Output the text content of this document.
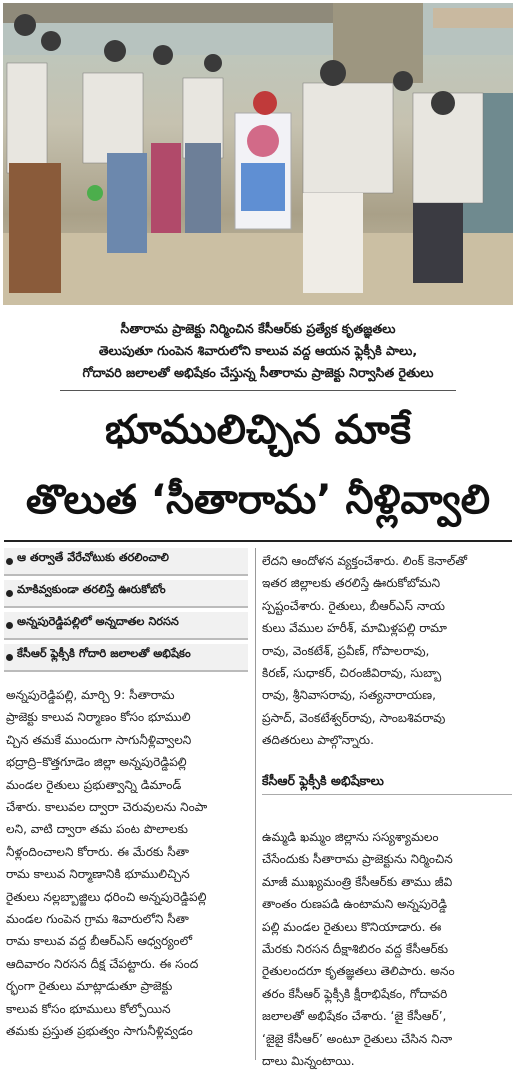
సీతారామ ప్రాజెక్టు నిర్మించిన కేసీఆర్‌కు ప్రత్యేక కృతజ్ఞతలు
తెలుపుతూ గుంపెన శివారులోని కాలువ వద్ద ఆయన ఫ్లెక్సీకి పాలు,
గోదావరి జలాలతో అభిషేకం చేస్తున్న సీతారామ ప్రాజెక్టు నిర్వాసిత రైతులు
భూములిచ్చిన మాకే
తొలుత ‘సీతారామ’ నీళ్లివ్వాలి
ఆ తర్వాతే వేరేచోటుకు తరలించాలి
మాకివ్వకుండా తరలిస్తే ఊరుకోబోం
అన్నపురెడ్డిపల్లిలో అన్నదాతల నిరసన
కేసీఆర్ ఫ్లెక్సీకి గోదారి జలాలతో అభిషేకం
అన్నపురెడ్డిపల్లి, మార్చి 9: సీతారామ
ప్రాజెక్టు కాలువ నిర్మాణం కోసం భూములి
చ్చిన తమకే ముందుగా సాగునీళ్లివ్వాలని
భద్రాద్రి–కొత్తగూడెం జిల్లా అన్నపురెడ్డిపల్లి
మండల రైతులు ప్రభుత్వాన్ని డిమాండ్
చేశారు. కాలువల ద్వారా చెరువులను నింపా
లని, వాటి ద్వారా తమ పంట పొలాలకు
నీళ్లందించాలని కోరారు. ఈ మేరకు సీతా
రామ కాలువ నిర్మాణానికి భూములిచ్చిన
రైతులు నల్లబ్బాజ్జిలు ధరించి అన్నపురెడ్డిపల్లి
మండల గుంపెన గ్రామ శివారులోని సీతా
రామ కాలువ వద్ద బీఆర్‌ఎస్ ఆధ్వర్యంలో
ఆదివారం నిరసన దీక్ష చేపట్టారు. ఈ సంద
ర్భంగా రైతులు మాట్లాడుతూ ప్రాజెక్టు
కాలువ కోసం భూములు కోల్పోయిన
తమకు ప్రస్తుత ప్రభుత్వం సాగునీళ్లివ్వడం
లేదని ఆందోళన వ్యక్తంచేశారు. లింక్ కెనాల్‌తో
ఇతర జిల్లాలకు తరలిస్తే ఊరుకోబోమని
స్పష్టంచేశారు. రైతులు, బీఆర్‌ఎస్ నాయ
కులు వేముల హరీశ్, మామిళ్లపల్లి రామా
రావు, వెంకటేశ్, ప్రవీణ్, గోపాలరావు,
కిరణ్, సుధాకర్, చిరంజీవిరావు, సుబ్బా
రావు, శ్రీనివాసరావు, సత్యనారాయణ,
ప్రసాద్, వెంకటేశ్వర్‌రావు, సాంబశివరావు
తదితరులు పాల్గొన్నారు.
కేసీఆర్ ఫ్లెక్సీకి అభిషేకాలు
ఉమ్మడి ఖమ్మం జిల్లాను సస్యశ్యామలం
చేసేందుకు సీతారామ ప్రాజెక్టును నిర్మించిన
మాజీ ముఖ్యమంత్రి కేసీఆర్‌కు తాము జీవి
తాంతం రుణపడి ఉంటామని అన్నపురెడ్డి
పల్లి మండల రైతులు కొనియాడారు. ఈ
మేరకు నిరసన దీక్షాశిబిరం వద్ద కేసీఆర్‌కు
రైతులందరూ కృతజ్ఞతలు తెలిపారు. అనం
తరం కేసీఆర్ ఫ్లెక్సీకి క్షీరాభిషేకం, గోదావరి
జలాలతో అభిషేకం చేశారు. ‘జై కేసీఆర్’,
‘జైజై కేసీఆర్’ అంటూ రైతులు చేసిన నినా
దాలు మిన్నంటాయి.
